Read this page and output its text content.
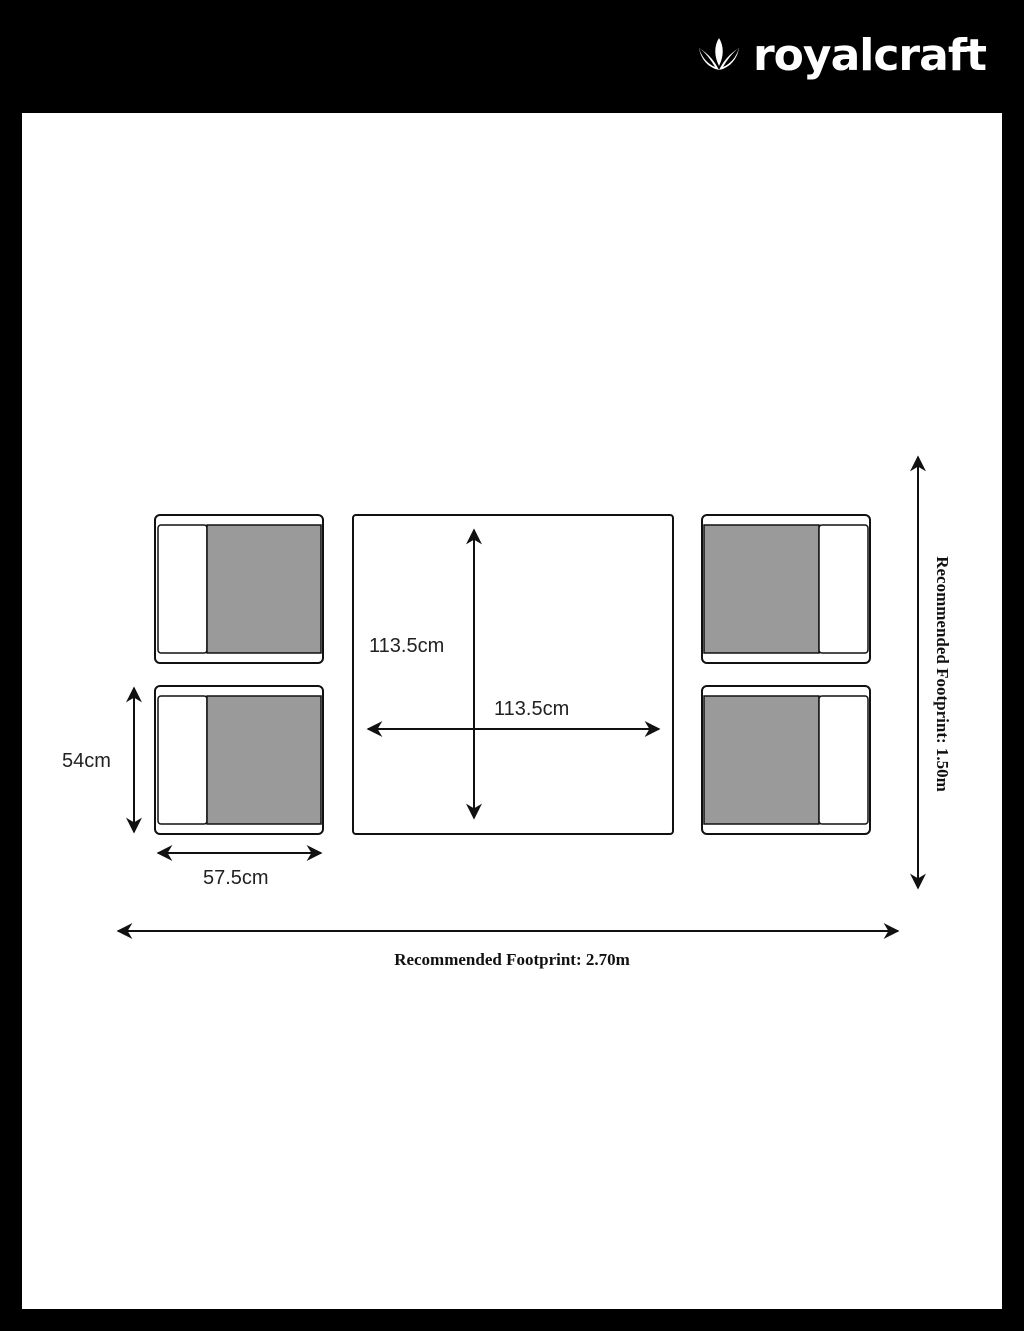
royalcraft
54cm
57.5cm
113.5cm
113.5cm
Recommended Footprint: 2.70m
Recommended Footprint: 1.50m
